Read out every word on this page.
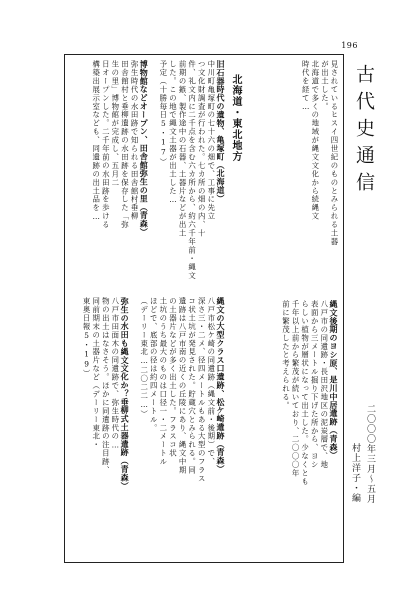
196
古代史通信
二〇〇〇年三月〜五月
村上洋子・編
北海道・東北地方	見されているヒスイ四世紀のものとみられる土器
が出土した。
北海道で多くの地域が縄文文化から続縄文
時代を経て…
旧石器時代の遺物、亀塚町（北海道）
中川町亀塚町の七十六の畑で、工事に先立
つ文化財調査が行われた。七カ所の畑の内、十
件、礼文内に二千点を含む六カ所から、約六千年前・縄文
前期の鏃、製作途中の石器、土器片などが出土
した。この地で縄文土器が出土した…
予定（十勝毎日5・17）
博物館などオープン、田舎館弥生の里（青森）
弥生時代の水田跡で知られる田舎館村垂柳
田舎館村と垂柳遺跡の水田跡を保存した「弥
生の里」博物館が完成し、五月二
日オープンした。二千年前の水田跡を歩ける
構築出展示室なども、同遺跡の出土品を…
縄文の大型クラス口遺跡、松ケ崎遺跡（青森）
八戸市松ケ崎の同遺跡（縄文前・後期）で、
深さ三・二メ、径四メートルもある大型のフラス
コ状土坑が発見された。貯蔵穴とみられる。同
遺跡は八戸市南の近くの丘陵にあり、縄文中期
の土器片などが多く出土した。フラスコ状
土坑のうち最大のものは口径一・二メートル
ほどで、底部の径は約四メートル。
（デーリー東北…二〇二二…）
弥生の水田も縄文文化か？垂柳式土器遺跡（青森）
八戸市田面木の同遺跡で、弥生時代の…
物の出土はなさそう。ほかに同遺跡の注目跡、
同前期末の土器片など（デーリー東北・
東奥日報5・19）	縄文後期のヨシ原、是川中居遺跡（青森）
八戸市の同遺跡・長田沢地区の泥炭層で、地
表面から三メートル掘り下げた所から、ヨシ
らしい植物が層状になって出土した。少なくとも
千年以上前から繁茂が続いており、二〇〇〇年
前に繁茂したと考えられる。
